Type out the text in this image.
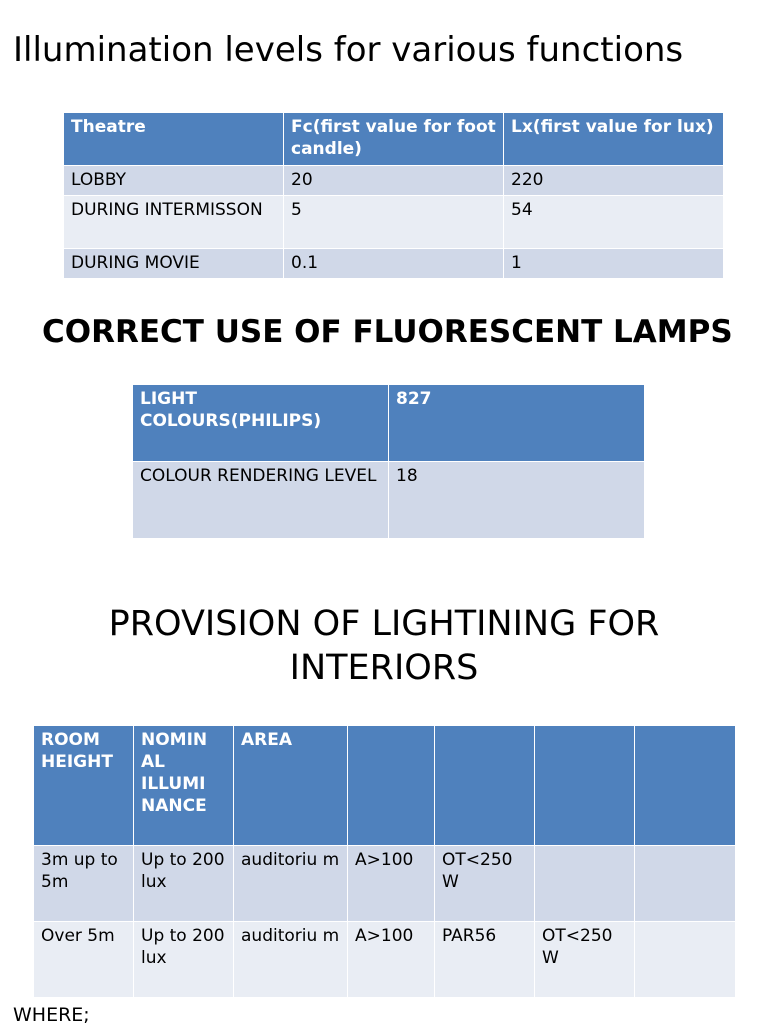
Illumination levels for various functions
Theatre	Fc(first value for foot candle)	Lx(first value for lux)
LOBBY	20	220
DURING INTERMISSON	5	54
DURING MOVIE	0.1	1
CORRECT USE OF FLUORESCENT LAMPS
LIGHT COLOURS(PHILIPS)	827
COLOUR RENDERING LEVEL	18
PROVISION OF LIGHTINING FOR
INTERIORS
ROOM HEIGHT	NOMIN AL ILLUMI NANCE	AREA				
3m up to 5m	Up to 200 lux	auditoriu m	A>100	OT<250 W		
Over 5m	Up to 200 lux	auditoriu m	A>100	PAR56	OT<250 W	
WHERE;
